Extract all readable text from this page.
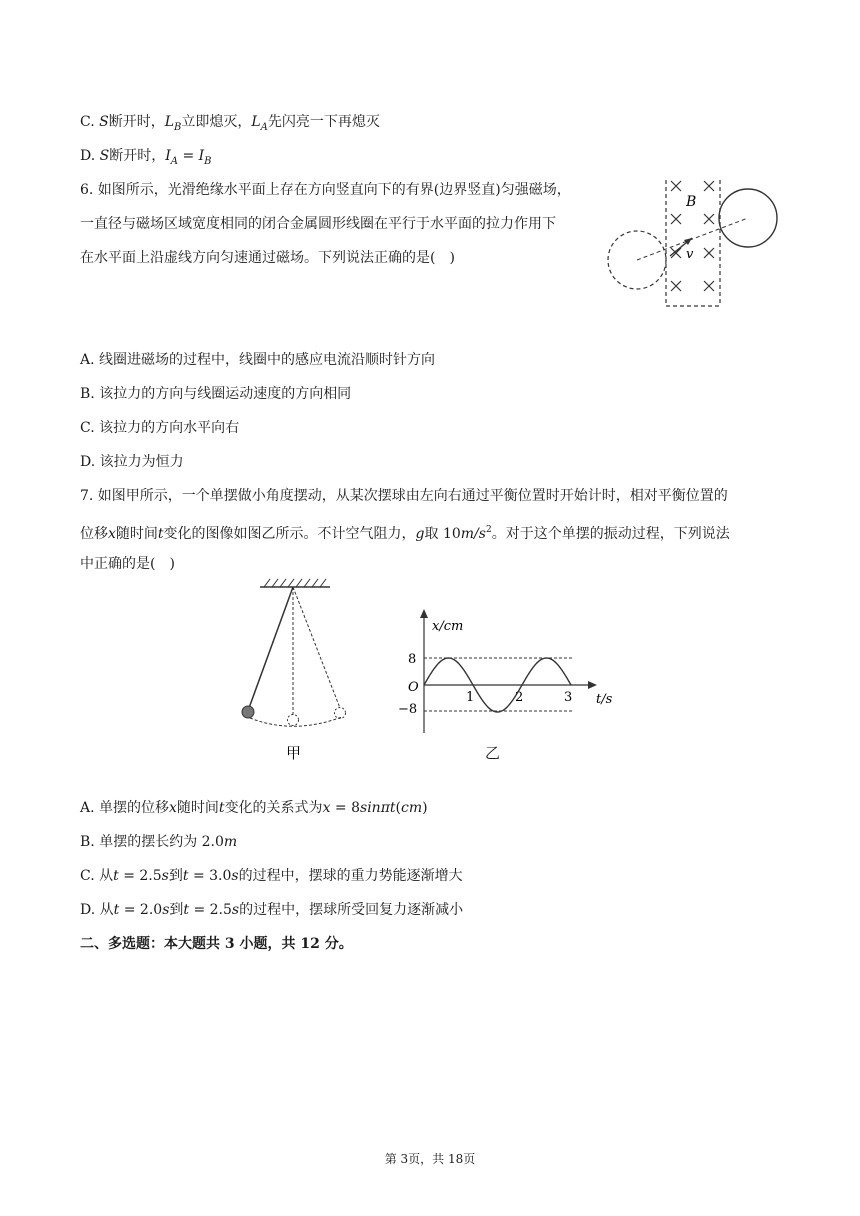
C. S断开时，$L_B$立即熄灭，$L_A$先闪亮一下再熄灭
D. S断开时，$I_A = I_B$
6. 如图所示，光滑绝缘水平面上存在方向竖直向下的有界(边界竖直)匀强磁场，
一直径与磁场区域宽度相同的闭合金属圆形线圈在平行于水平面的拉力作用下
在水平面上沿虚线方向匀速通过磁场。下列说法正确的是(　)
B
v
A. 线圈进磁场的过程中，线圈中的感应电流沿顺时针方向
B. 该拉力的方向与线圈运动速度的方向相同
C. 该拉力的方向水平向右
D. 该拉力为恒力
7. 如图甲所示，一个单摆做小角度摆动，从某次摆球由左向右通过平衡位置时开始计时，相对平衡位置的
位移x随时间t变化的图像如图乙所示。不计空气阻力，g取 $10m/s^2$。对于这个单摆的振动过程，下列说法
中正确的是(　)
甲
x/cm
t/s
O
8
−8
1	2	3
乙
A. 单摆的位移x随时间t变化的关系式为x = 8sinπt(cm)
B. 单摆的摆长约为 2.0m
C. 从t = 2.5s到t = 3.0s的过程中，摆球的重力势能逐渐增大
D. 从t = 2.0s到t = 2.5s的过程中，摆球所受回复力逐渐减小
二、多选题：本大题共 3 小题，共 12 分。
第 3页，共 18页
